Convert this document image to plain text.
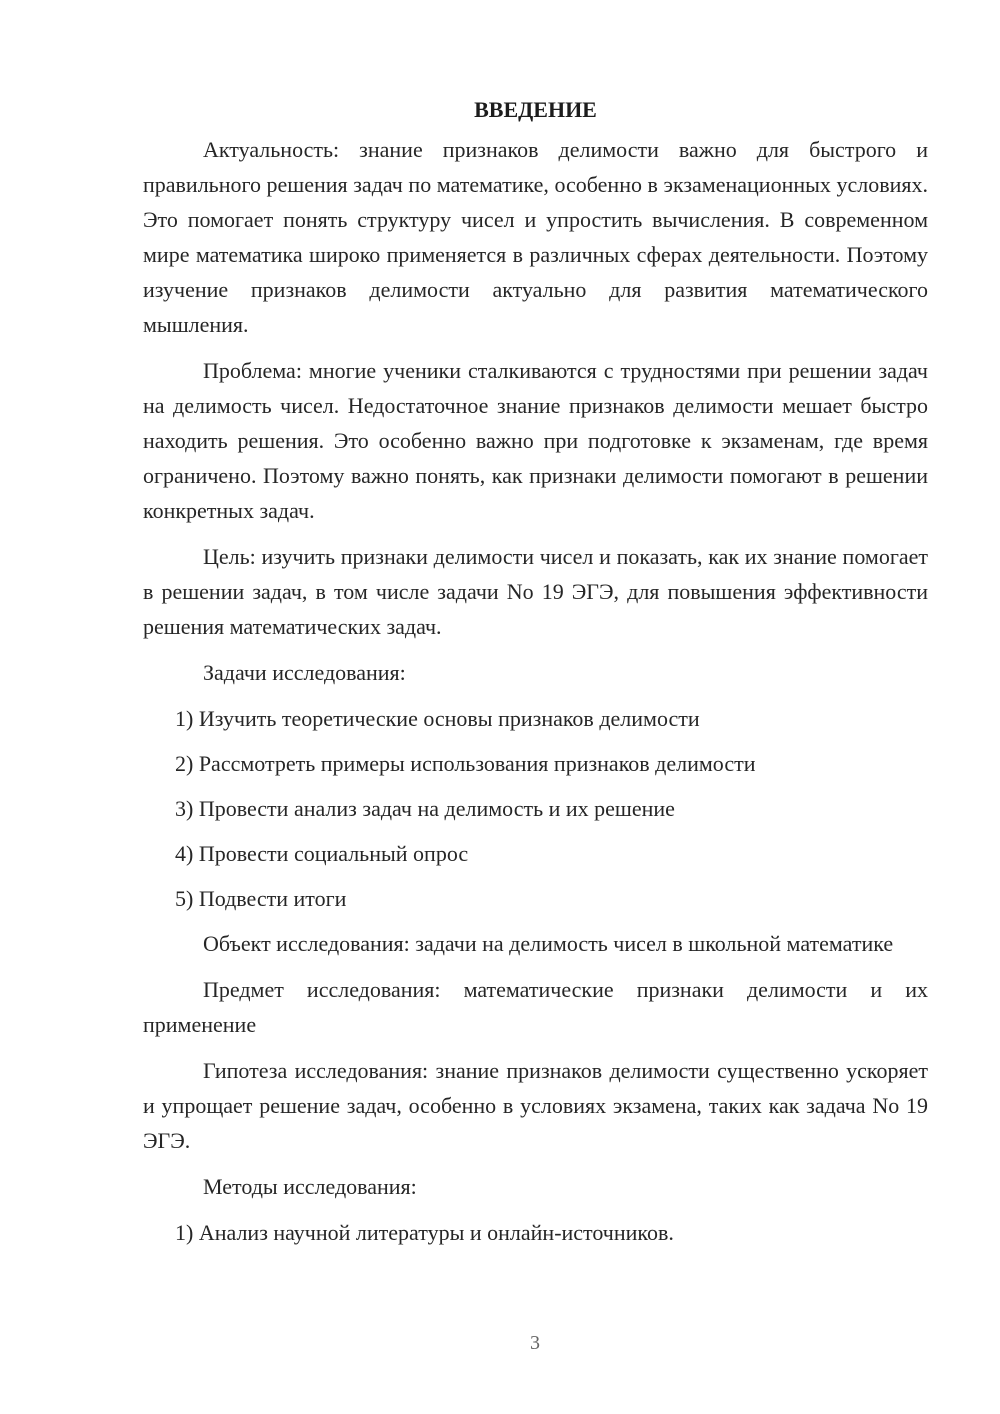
ВВЕДЕНИЕ

Актуальность: знание признаков делимости важно для быстрого и правильного решения задач по математике, особенно в экзаменационных условиях. Это помогает понять структуру чисел и упростить вычисления. В современном мире математика широко применяется в различных сферах деятельности. Поэтому изучение признаков делимости актуально для развития математического мышления.

Проблема: многие ученики сталкиваются с трудностями при решении задач на делимость чисел. Недостаточное знание признаков делимости мешает быстро находить решения. Это особенно важно при подготовке к экзаменам, где время ограничено. Поэтому важно понять, как признаки делимости помогают в решении конкретных задач.

Цель: изучить признаки делимости чисел и показать, как их знание помогает в решении задач, в том числе задачи No 19 ЭГЭ, для повышения эффективности решения математических задач.

Задачи исследования:

1) Изучить теоретические основы признаков делимости
2) Рассмотреть примеры использования признаков делимости
3) Провести анализ задач на делимость и их решение
4) Провести социальный опрос
5) Подвести итоги

Объект исследования: задачи на делимость чисел в школьной математике

Предмет исследования: математические признаки делимости и их применение

Гипотеза исследования: знание признаков делимости существенно ускоряет и упрощает решение задач, особенно в условиях экзамена, таких как задача No 19 ЭГЭ.

Методы исследования:

1) Анализ научной литературы и онлайн-источников.
3
